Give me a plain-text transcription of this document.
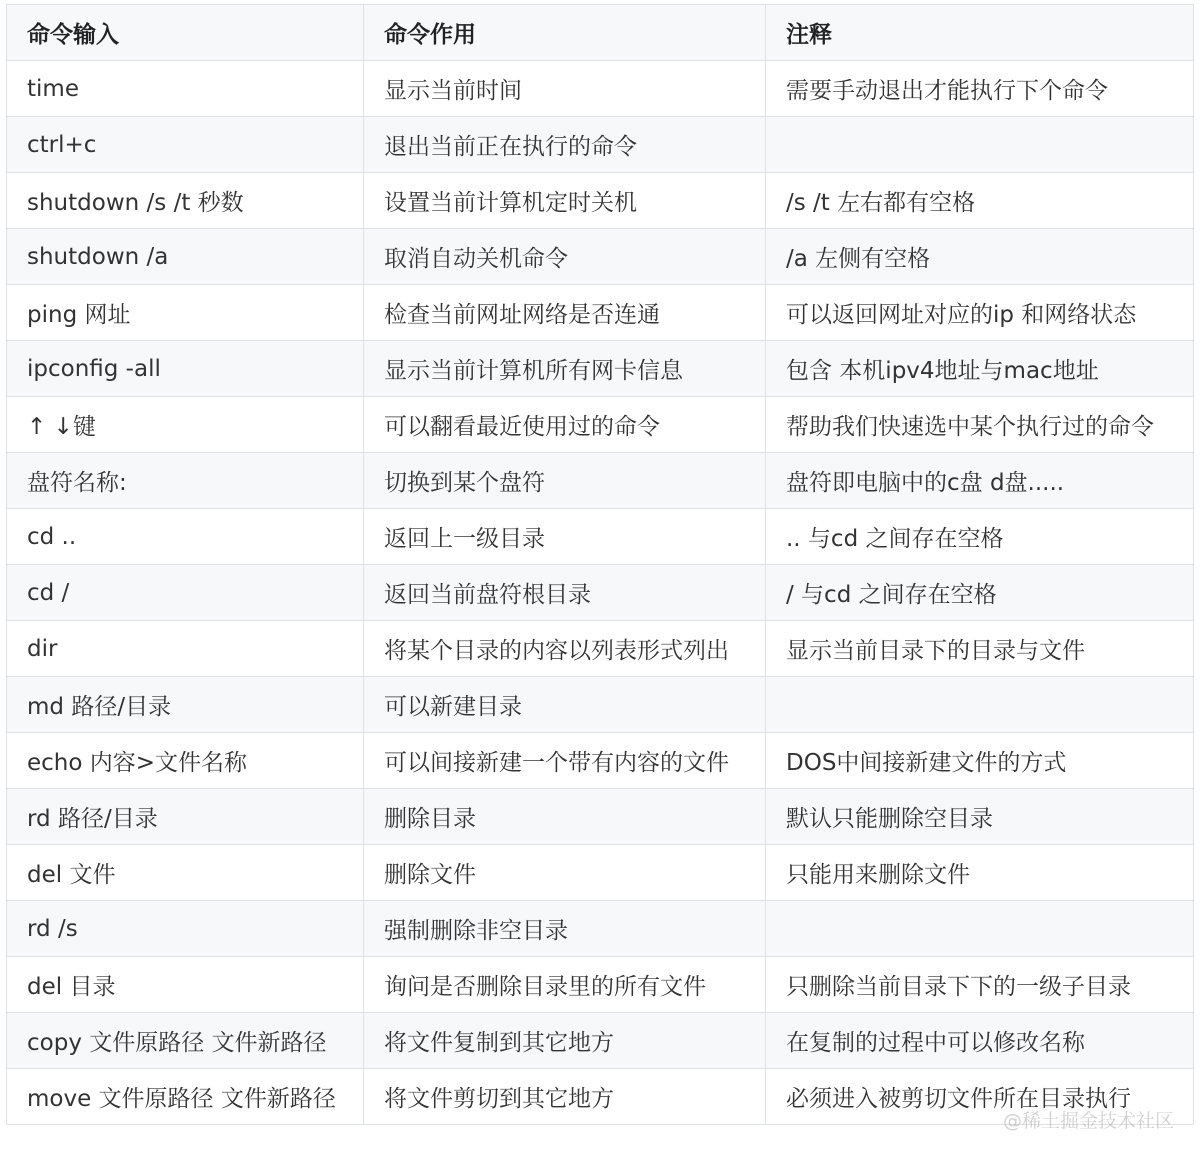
命令输入	命令作用	注释
time	显示当前时间	需要手动退出才能执行下个命令
ctrl+c	退出当前正在执行的命令	
shutdown /s /t 秒数	设置当前计算机定时关机	/s /t 左右都有空格
shutdown /a	取消自动关机命令	/a 左侧有空格
ping 网址	检查当前网址网络是否连通	可以返回网址对应的ip 和网络状态
ipconfig -all	显示当前计算机所有网卡信息	包含 本机ipv4地址与mac地址
↑ ↓键	可以翻看最近使用过的命令	帮助我们快速选中某个执行过的命令
盘符名称:	切换到某个盘符	盘符即电脑中的c盘 d盘.....
cd ..	返回上一级目录	.. 与cd 之间存在空格
cd /	返回当前盘符根目录	/ 与cd 之间存在空格
dir	将某个目录的内容以列表形式列出	显示当前目录下的目录与文件
md 路径/目录	可以新建目录	
echo 内容>文件名称	可以间接新建一个带有内容的文件	DOS中间接新建文件的方式
rd 路径/目录	删除目录	默认只能删除空目录
del 文件	删除文件	只能用来删除文件
rd /s	强制删除非空目录	
del 目录	询问是否删除目录里的所有文件	只删除当前目录下下的一级子目录
copy 文件原路径 文件新路径	将文件复制到其它地方	在复制的过程中可以修改名称
move 文件原路径 文件新路径	将文件剪切到其它地方	必须进入被剪切文件所在目录执行
@稀土掘金技术社区
